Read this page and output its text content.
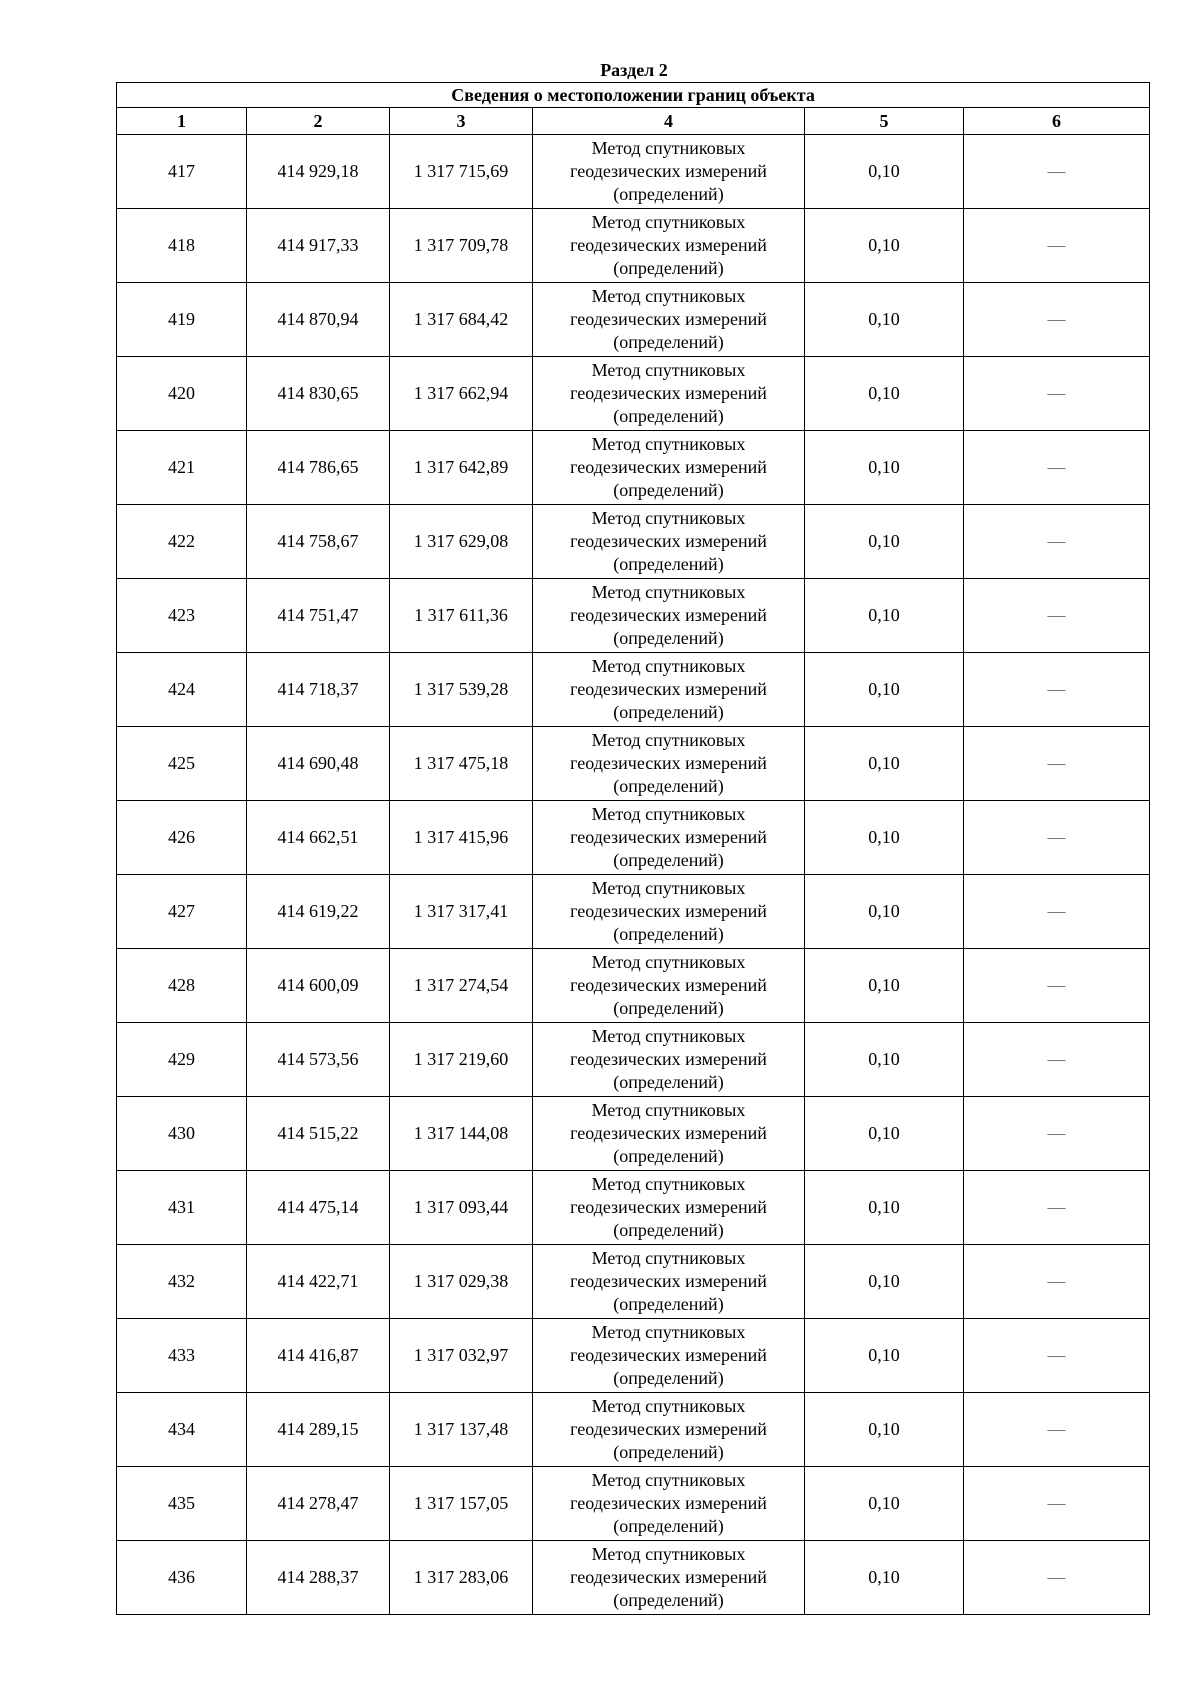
Раздел 2
Сведения о местоположении границ объекта					
1	2	3	4	5	6
417	414 929,18	1 317 715,69	Метод спутниковых
геодезических измерений
(определений)	0,10	—
418	414 917,33	1 317 709,78	Метод спутниковых
геодезических измерений
(определений)	0,10	—
419	414 870,94	1 317 684,42	Метод спутниковых
геодезических измерений
(определений)	0,10	—
420	414 830,65	1 317 662,94	Метод спутниковых
геодезических измерений
(определений)	0,10	—
421	414 786,65	1 317 642,89	Метод спутниковых
геодезических измерений
(определений)	0,10	—
422	414 758,67	1 317 629,08	Метод спутниковых
геодезических измерений
(определений)	0,10	—
423	414 751,47	1 317 611,36	Метод спутниковых
геодезических измерений
(определений)	0,10	—
424	414 718,37	1 317 539,28	Метод спутниковых
геодезических измерений
(определений)	0,10	—
425	414 690,48	1 317 475,18	Метод спутниковых
геодезических измерений
(определений)	0,10	—
426	414 662,51	1 317 415,96	Метод спутниковых
геодезических измерений
(определений)	0,10	—
427	414 619,22	1 317 317,41	Метод спутниковых
геодезических измерений
(определений)	0,10	—
428	414 600,09	1 317 274,54	Метод спутниковых
геодезических измерений
(определений)	0,10	—
429	414 573,56	1 317 219,60	Метод спутниковых
геодезических измерений
(определений)	0,10	—
430	414 515,22	1 317 144,08	Метод спутниковых
геодезических измерений
(определений)	0,10	—
431	414 475,14	1 317 093,44	Метод спутниковых
геодезических измерений
(определений)	0,10	—
432	414 422,71	1 317 029,38	Метод спутниковых
геодезических измерений
(определений)	0,10	—
433	414 416,87	1 317 032,97	Метод спутниковых
геодезических измерений
(определений)	0,10	—
434	414 289,15	1 317 137,48	Метод спутниковых
геодезических измерений
(определений)	0,10	—
435	414 278,47	1 317 157,05	Метод спутниковых
геодезических измерений
(определений)	0,10	—
436	414 288,37	1 317 283,06	Метод спутниковых
геодезических измерений
(определений)	0,10	—
